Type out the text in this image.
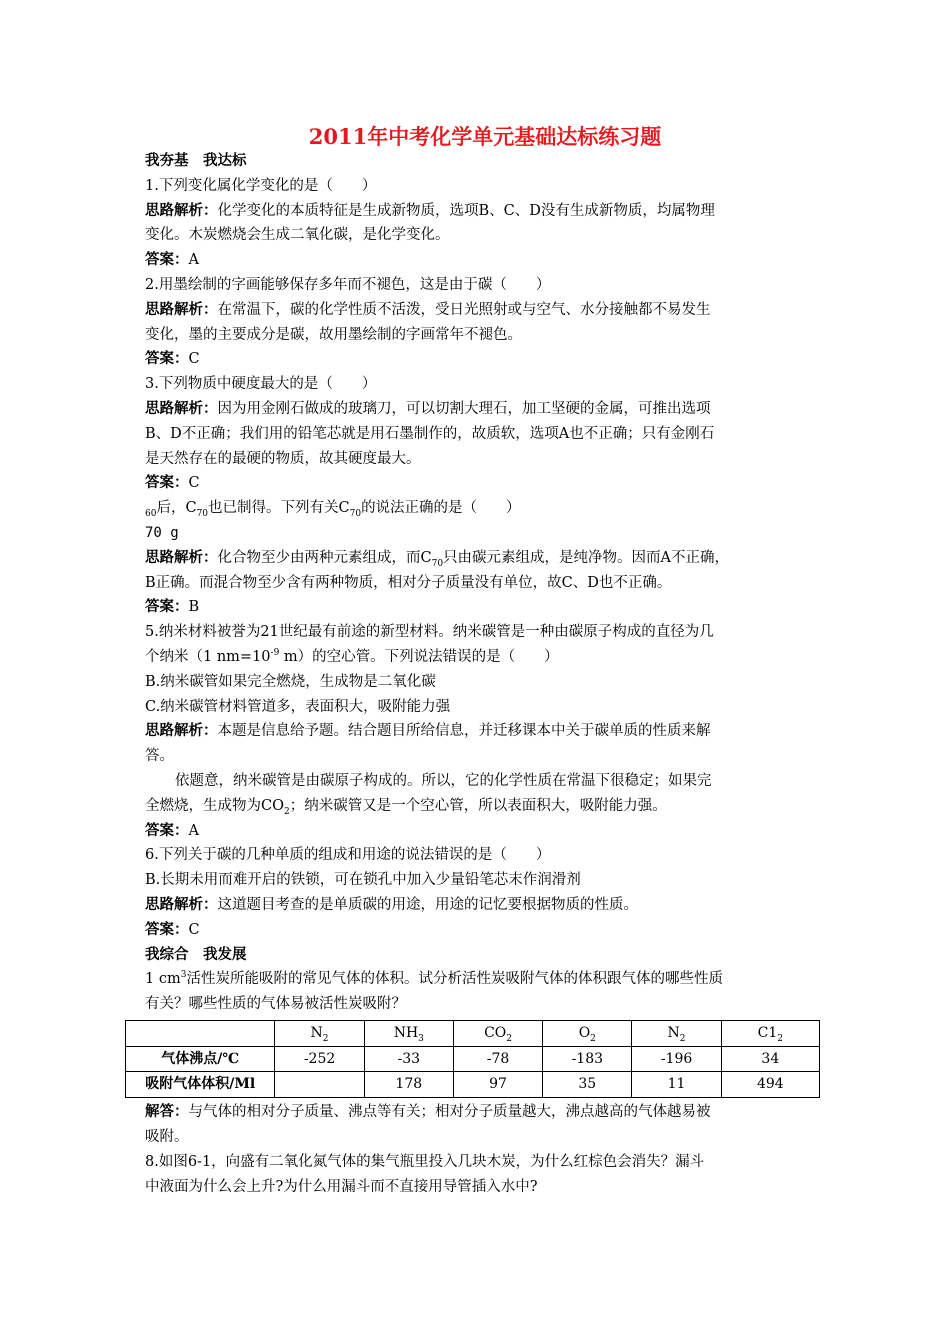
2011年中考化学单元基础达标练习题
我夯基　我达标
1.下列变化属化学变化的是（　　）
思路解析：化学变化的本质特征是生成新物质，选项B、C、D没有生成新物质，均属物理
变化。木炭燃烧会生成二氧化碳，是化学变化。
答案：A
2.用墨绘制的字画能够保存多年而不褪色，这是由于碳（　　）
思路解析：在常温下，碳的化学性质不活泼，受日光照射或与空气、水分接触都不易发生
变化，墨的主要成分是碳，故用墨绘制的字画常年不褪色。
答案：C
3.下列物质中硬度最大的是（　　）
思路解析：因为用金刚石做成的玻璃刀，可以切割大理石，加工坚硬的金属，可推出选项
B、D不正确；我们用的铅笔芯就是用石墨制作的，故质软，选项A也不正确；只有金刚石
是天然存在的最硬的物质，故其硬度最大。
答案：C
$_{60}$后，$C_{70}$也已制得。下列有关$C_{70}$的说法正确的是（　　）
70 g
思路解析：化合物至少由两种元素组成，而$C_{70}$只由碳元素组成，是纯净物。因而A不正确，
B正确。而混合物至少含有两种物质，相对分子质量没有单位，故C、D也不正确。
答案：B
5.纳米材料被誉为21世纪最有前途的新型材料。纳米碳管是一种由碳原子构成的直径为几
个纳米（1 $nm=10^{-9}$ m）的空心管。下列说法错误的是（　　）
B.纳米碳管如果完全燃烧，生成物是二氧化碳
C.纳米碳管材料管道多，表面积大，吸附能力强
思路解析：本题是信息给予题。结合题目所给信息，并迁移课本中关于碳单质的性质来解
答。
依题意，纳米碳管是由碳原子构成的。所以，它的化学性质在常温下很稳定；如果完
全燃烧，生成物为$CO_2$；纳米碳管又是一个空心管，所以表面积大，吸附能力强。
答案：A
6.下列关于碳的几种单质的组成和用途的说法错误的是（　　）
B.长期未用而难开启的铁锁，可在锁孔中加入少量铅笔芯末作润滑剂
思路解析：这道题目考查的是单质碳的用途，用途的记忆要根据物质的性质。
答案：C
我综合　我发展
1 $cm^3$活性炭所能吸附的常见气体的体积。试分析活性炭吸附气体的体积跟气体的哪些性质
有关？哪些性质的气体易被活性炭吸附？
	$N_2$	$NH_3$	$CO_2$	$O_2$	$N_2$	$C1_2$
气体沸点/℃	-252	-33	-78	-183	-196	34
吸附气体体积/Ml		178	97	35	11	494
解答：与气体的相对分子质量、沸点等有关；相对分子质量越大，沸点越高的气体越易被
吸附。
8.如图6-1，向盛有二氧化氮气体的集气瓶里投入几块木炭，为什么红棕色会消失？漏斗
中液面为什么会上升?为什么用漏斗而不直接用导管插入水中?
